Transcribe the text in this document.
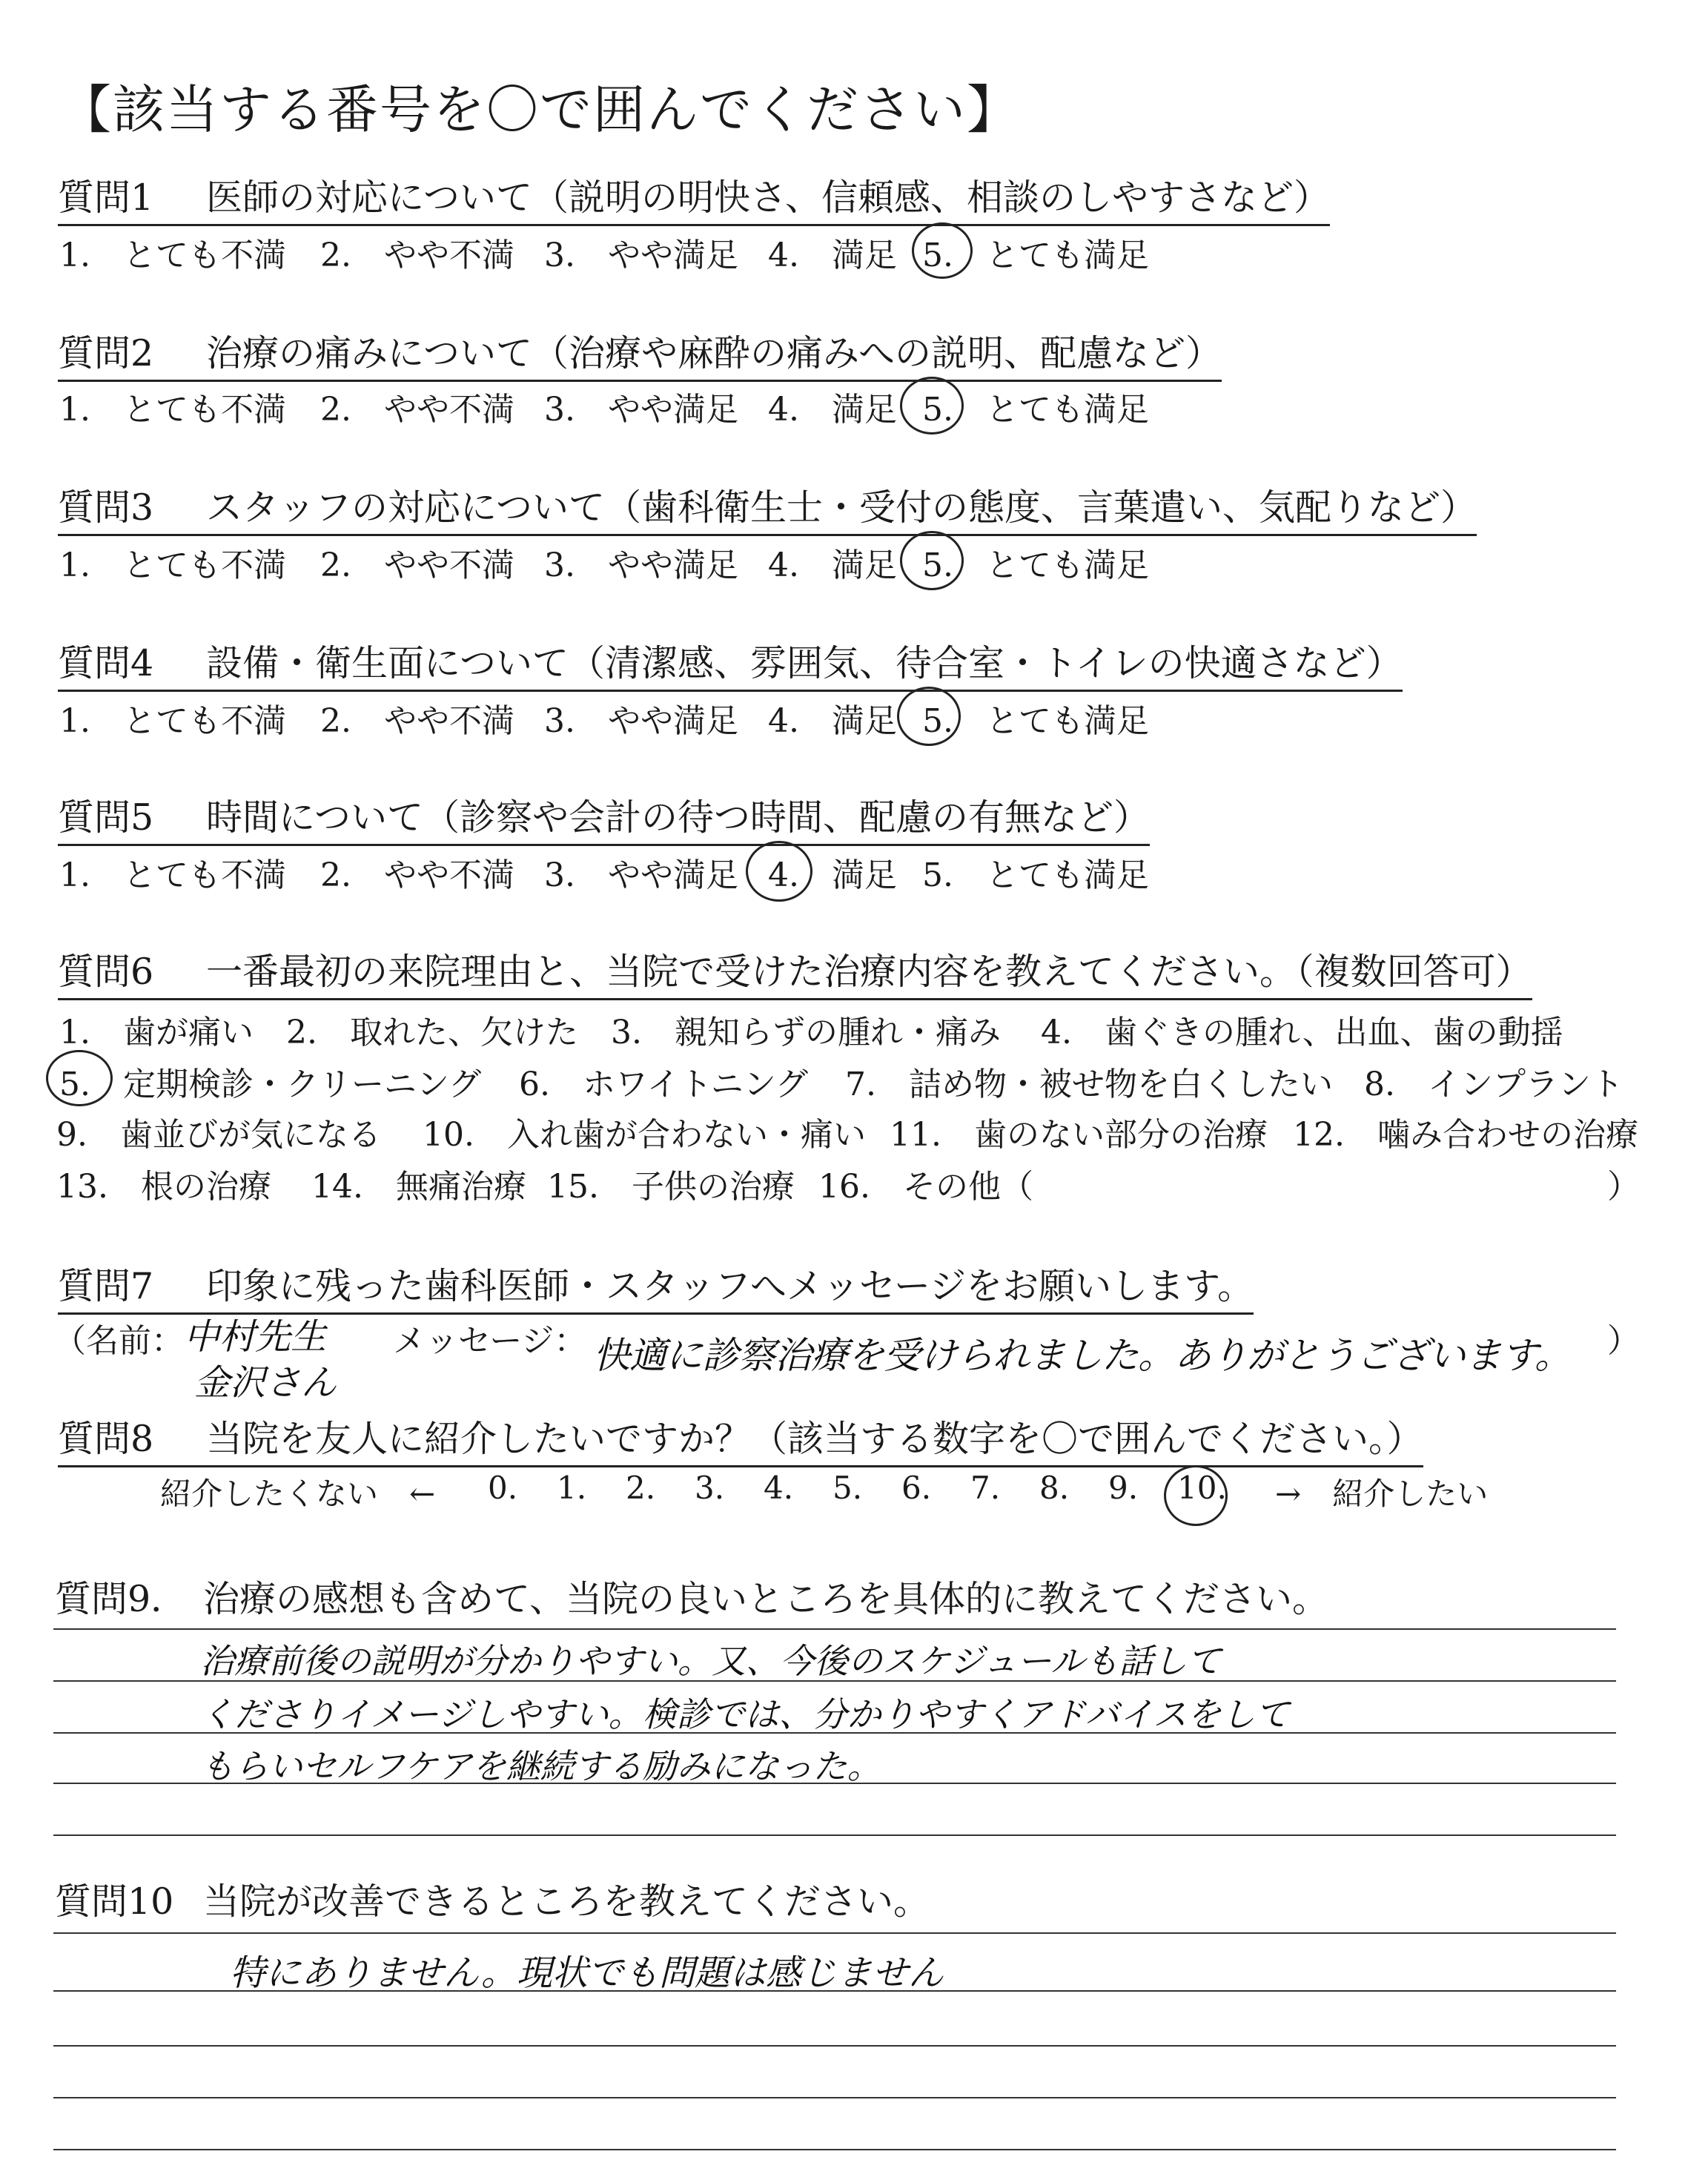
【該当する番号を〇で囲んでください】
質問1 医師の対応について（説明の明快さ、信頼感、相談のしやすさなど）
1.　とても不満 2.　やや不満 3.　やや満足 4.　満足 5.　とても満足
質問2 治療の痛みについて（治療や麻酔の痛みへの説明、配慮など）
1.　とても不満 2.　やや不満 3.　やや満足 4.　満足 5.　とても満足
質問3 スタッフの対応について（歯科衛生士・受付の態度、言葉遣い、気配りなど）
1.　とても不満 2.　やや不満 3.　やや満足 4.　満足 5.　とても満足
質問4 設備・衛生面について（清潔感、雰囲気、待合室・トイレの快適さなど）
1.　とても不満 2.　やや不満 3.　やや満足 4.　満足 5.　とても満足
質問5 時間について（診察や会計の待つ時間、配慮の有無など）
1.　とても不満 2.　やや不満 3.　やや満足 4.　満足 5.　とても満足
質問6 一番最初の来院理由と、当院で受けた治療内容を教えてください。（複数回答可）
1.　歯が痛い 2.　取れた、欠けた 3.　親知らずの腫れ・痛み 4.　歯ぐきの腫れ、出血、歯の動揺
5.　定期検診・クリーニング 6.　ホワイトニング 7.　詰め物・被せ物を白くしたい 8.　インプラント
9.　歯並びが気になる 10.　入れ歯が合わない・痛い 11.　歯のない部分の治療 12.　噛み合わせの治療
13.　根の治療 14.　無痛治療 15.　子供の治療 16.　その他（	）
質問7 印象に残った歯科医師・スタッフへメッセージをお願いします。
（名前： 中村先生
金沢さん
メッセージ： 快適に診察治療を受けられました。ありがとうございます。 ）
質問8 当院を友人に紹介したいですか？（該当する数字を〇で囲んでください。）
紹介したくない　← 0. 1. 2. 3. 4. 5. 6. 7. 8. 9. 10. →　紹介したい
質問9． 治療の感想も含めて、当院の良いところを具体的に教えてください。
治療前後の説明が分かりやすい。又、今後のスケジュールも話して
くださりイメージしやすい。検診では、分かりやすくアドバイスをして
もらいセルフケアを継続する励みになった。
質問10 当院が改善できるところを教えてください。
特にありません。現状でも問題は感じません
